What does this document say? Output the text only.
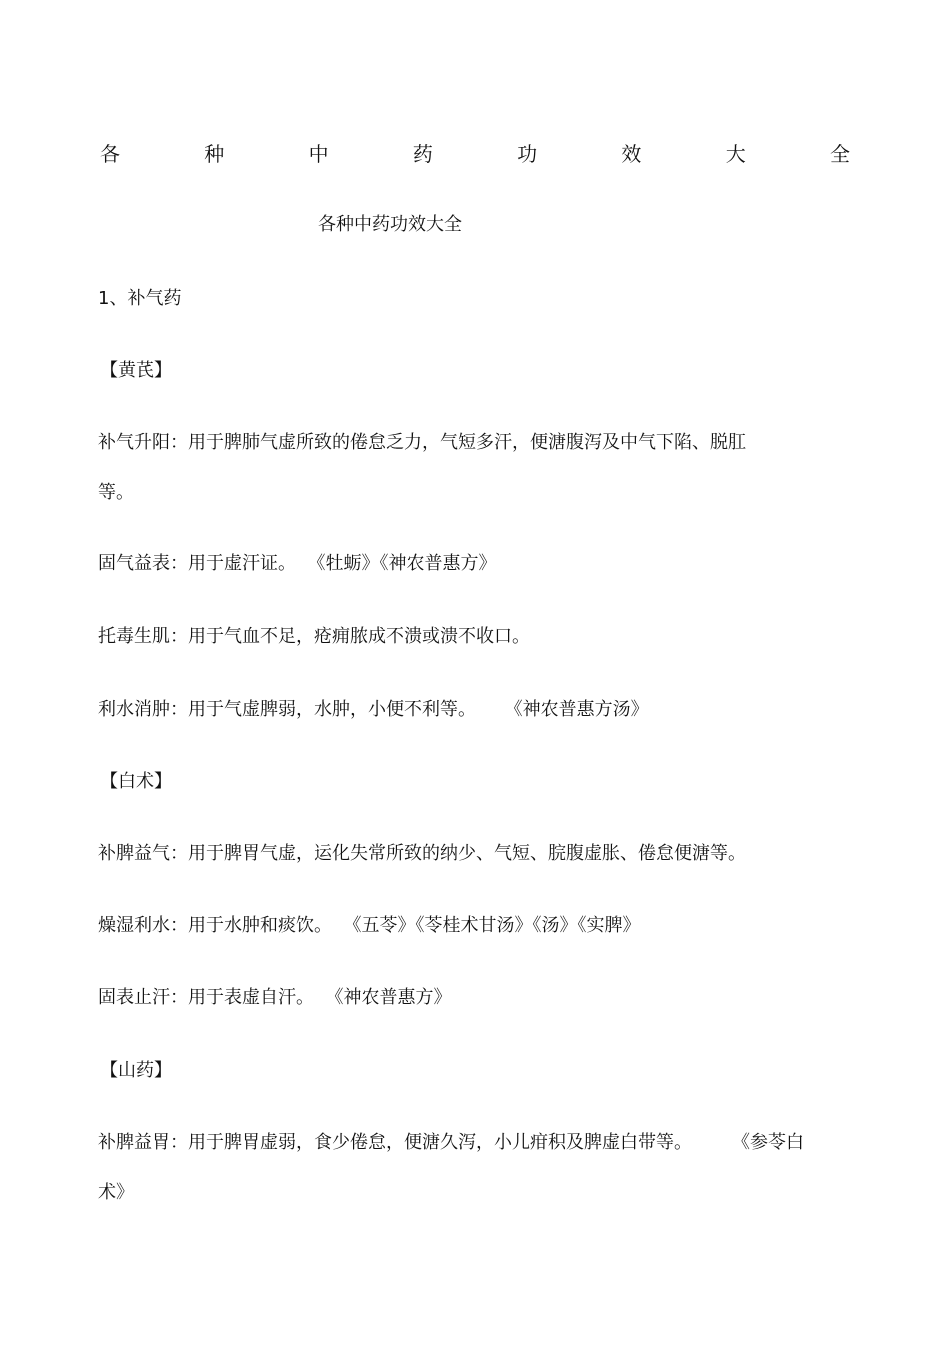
各	种	中	药	功	效	大	全
各种中药功效大全
1、补气药
【黄芪】
补气升阳：用于脾肺气虚所致的倦怠乏力，气短多汗，便溏腹泻及中气下陷、脱肛
等。
固气益表：用于虚汗证。  《牡蛎》《神农普惠方》
托毒生肌：用于气血不足，疮痈脓成不溃或溃不收口。
利水消肿：用于气虚脾弱，水肿，小便不利等。     《神农普惠方汤》
【白术】
补脾益气：用于脾胃气虚，运化失常所致的纳少、气短、脘腹虚胀、倦怠便溏等。
燥湿利水：用于水肿和痰饮。  《五苓》《苓桂术甘汤》《汤》《实脾》
固表止汗：用于表虚自汗。  《神农普惠方》
【山药】
补脾益胃：用于脾胃虚弱，食少倦怠，便溏久泻，小儿疳积及脾虚白带等。       《参苓白
术》
